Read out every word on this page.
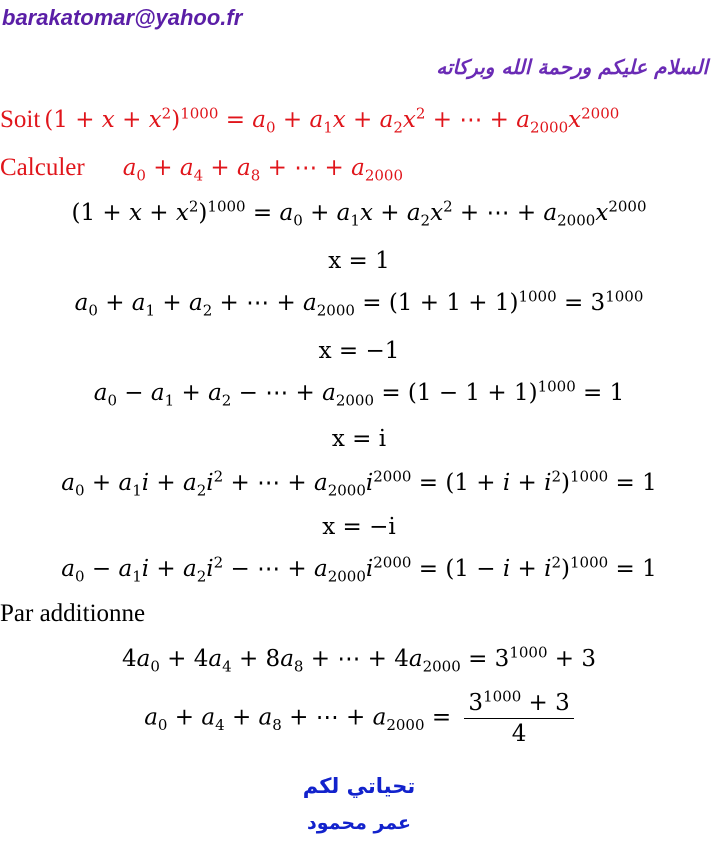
barakatomar@yahoo.fr
السلام عليكم ورحمة الله وبركاته
Soit $(1 + x + x^2)^{1000} = a_0 + a_1x + a_2x^2$ + ⋯ + $a_{2000}x^{2000}$
Calculer $a_0 + a_4 + a_8$ + ⋯ + $a_{2000}$
$(1 + x + x^2)^{1000} = a_0 + a_1x + a_2x^2$ + ⋯ + $a_{2000}x^{2000}$
x = 1
$a_0 + a_1 + a_2$ + ⋯ + $a_{2000} = (1 + 1 + 1)^{1000} = 3^{1000}$
x = −1
$a_0 - a_1 + a_2$ − ⋯ + $a_{2000} = (1 - 1 + 1)^{1000} = 1$
x = i
$a_0 + a_1i + a_2i^2$ + ⋯ + $a_{2000}i^{2000} = (1 + i + i^2)^{1000} = 1$
x = −i
$a_0 - a_1i + a_2i^2$ − ⋯ + $a_{2000}i^{2000} = (1 - i + i^2)^{1000} = 1$
Par additionne
$4a_0 + 4a_4 + 8a_8$ + ⋯ + $4a_{2000} = 3^{1000} + 3$
$a_0 + a_4 + a_8$ + ⋯ + $a_{2000} = \frac{3^{1000} + 3}{4}$
تحياتي لكم
عمر محمود
